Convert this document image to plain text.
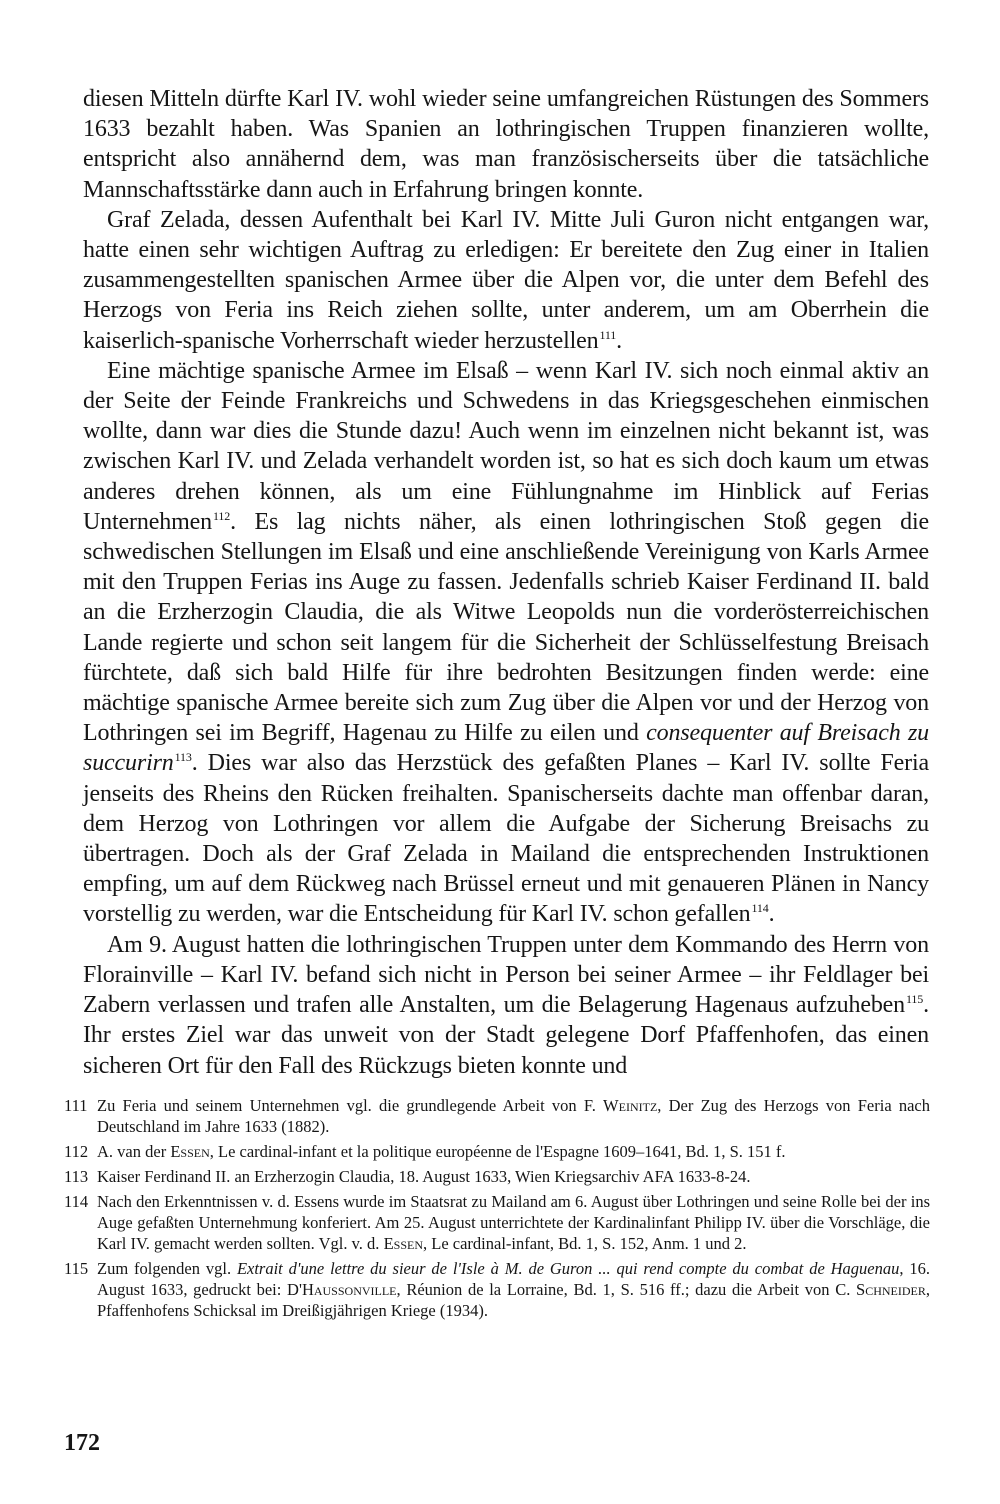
diesen Mitteln dürfte Karl IV. wohl wieder seine umfangreichen Rüstungen des Sommers 1633 bezahlt haben. Was Spanien an lothringischen Truppen finanzieren wollte, entspricht also annähernd dem, was man französischerseits über die tatsächliche Mannschaftsstärke dann auch in Erfahrung bringen konnte.

Graf Zelada, dessen Aufenthalt bei Karl IV. Mitte Juli Guron nicht entgangen war, hatte einen sehr wichtigen Auftrag zu erledigen: Er bereitete den Zug einer in Italien zusammengestellten spanischen Armee über die Alpen vor, die unter dem Befehl des Herzogs von Feria ins Reich ziehen sollte, unter anderem, um am Oberrhein die kaiserlich-spanische Vorherrschaft wieder herzustellen$^{111}$.

Eine mächtige spanische Armee im Elsaß – wenn Karl IV. sich noch einmal aktiv an der Seite der Feinde Frankreichs und Schwedens in das Kriegsgeschehen einmischen wollte, dann war dies die Stunde dazu! Auch wenn im einzelnen nicht bekannt ist, was zwischen Karl IV. und Zelada verhandelt worden ist, so hat es sich doch kaum um etwas anderes drehen können, als um eine Fühlungnahme im Hinblick auf Ferias Unternehmen$^{112}$. Es lag nichts näher, als einen lothringischen Stoß gegen die schwedischen Stellungen im Elsaß und eine anschließende Vereinigung von Karls Armee mit den Truppen Ferias ins Auge zu fassen. Jedenfalls schrieb Kaiser Ferdinand II. bald an die Erzherzogin Claudia, die als Witwe Leopolds nun die vorderösterreichischen Lande regierte und schon seit langem für die Sicherheit der Schlüsselfestung Breisach fürchtete, daß sich bald Hilfe für ihre bedrohten Besitzungen finden werde: eine mächtige spanische Armee bereite sich zum Zug über die Alpen vor und der Herzog von Lothringen sei im Begriff, Hagenau zu Hilfe zu eilen und consequenter auf Breisach zu succurirn$^{113}$. Dies war also das Herzstück des gefaßten Planes – Karl IV. sollte Feria jenseits des Rheins den Rücken freihalten. Spanischerseits dachte man offenbar daran, dem Herzog von Lothringen vor allem die Aufgabe der Sicherung Breisachs zu übertragen. Doch als der Graf Zelada in Mailand die entsprechenden Instruktionen empfing, um auf dem Rückweg nach Brüssel erneut und mit genaueren Plänen in Nancy vorstellig zu werden, war die Entscheidung für Karl IV. schon gefallen$^{114}$.

Am 9. August hatten die lothringischen Truppen unter dem Kommando des Herrn von Florainville – Karl IV. befand sich nicht in Person bei seiner Armee – ihr Feldlager bei Zabern verlassen und trafen alle Anstalten, um die Belagerung Hagenaus aufzuheben$^{115}$. Ihr erstes Ziel war das unweit von der Stadt gelegene Dorf Pfaffenhofen, das einen sicheren Ort für den Fall des Rückzugs bieten konnte und

111 Zu Feria und seinem Unternehmen vgl. die grundlegende Arbeit von F. Weinitz, Der Zug des Herzogs von Feria nach Deutschland im Jahre 1633 (1882).
112 A. van der Essen, Le cardinal-infant et la politique européenne de l'Espagne 1609–1641, Bd. 1, S. 151 f.
113 Kaiser Ferdinand II. an Erzherzogin Claudia, 18. August 1633, Wien Kriegsarchiv AFA 1633-8-24.
114 Nach den Erkenntnissen v. d. Essens wurde im Staatsrat zu Mailand am 6. August über Lothringen und seine Rolle bei der ins Auge gefaßten Unternehmung konferiert. Am 25. August unterrichtete der Kardinalinfant Philipp IV. über die Vorschläge, die Karl IV. gemacht werden sollten. Vgl. v. d. Essen, Le cardinal-infant, Bd. 1, S. 152, Anm. 1 und 2.
115 Zum folgenden vgl. Extrait d'une lettre du sieur de l'Isle à M. de Guron ... qui rend compte du combat de Haguenau, 16. August 1633, gedruckt bei: D'Haussonville, Réunion de la Lorraine, Bd. 1, S. 516 ff.; dazu die Arbeit von C. Schneider, Pfaffenhofens Schicksal im Dreißigjährigen Kriege (1934).
172
